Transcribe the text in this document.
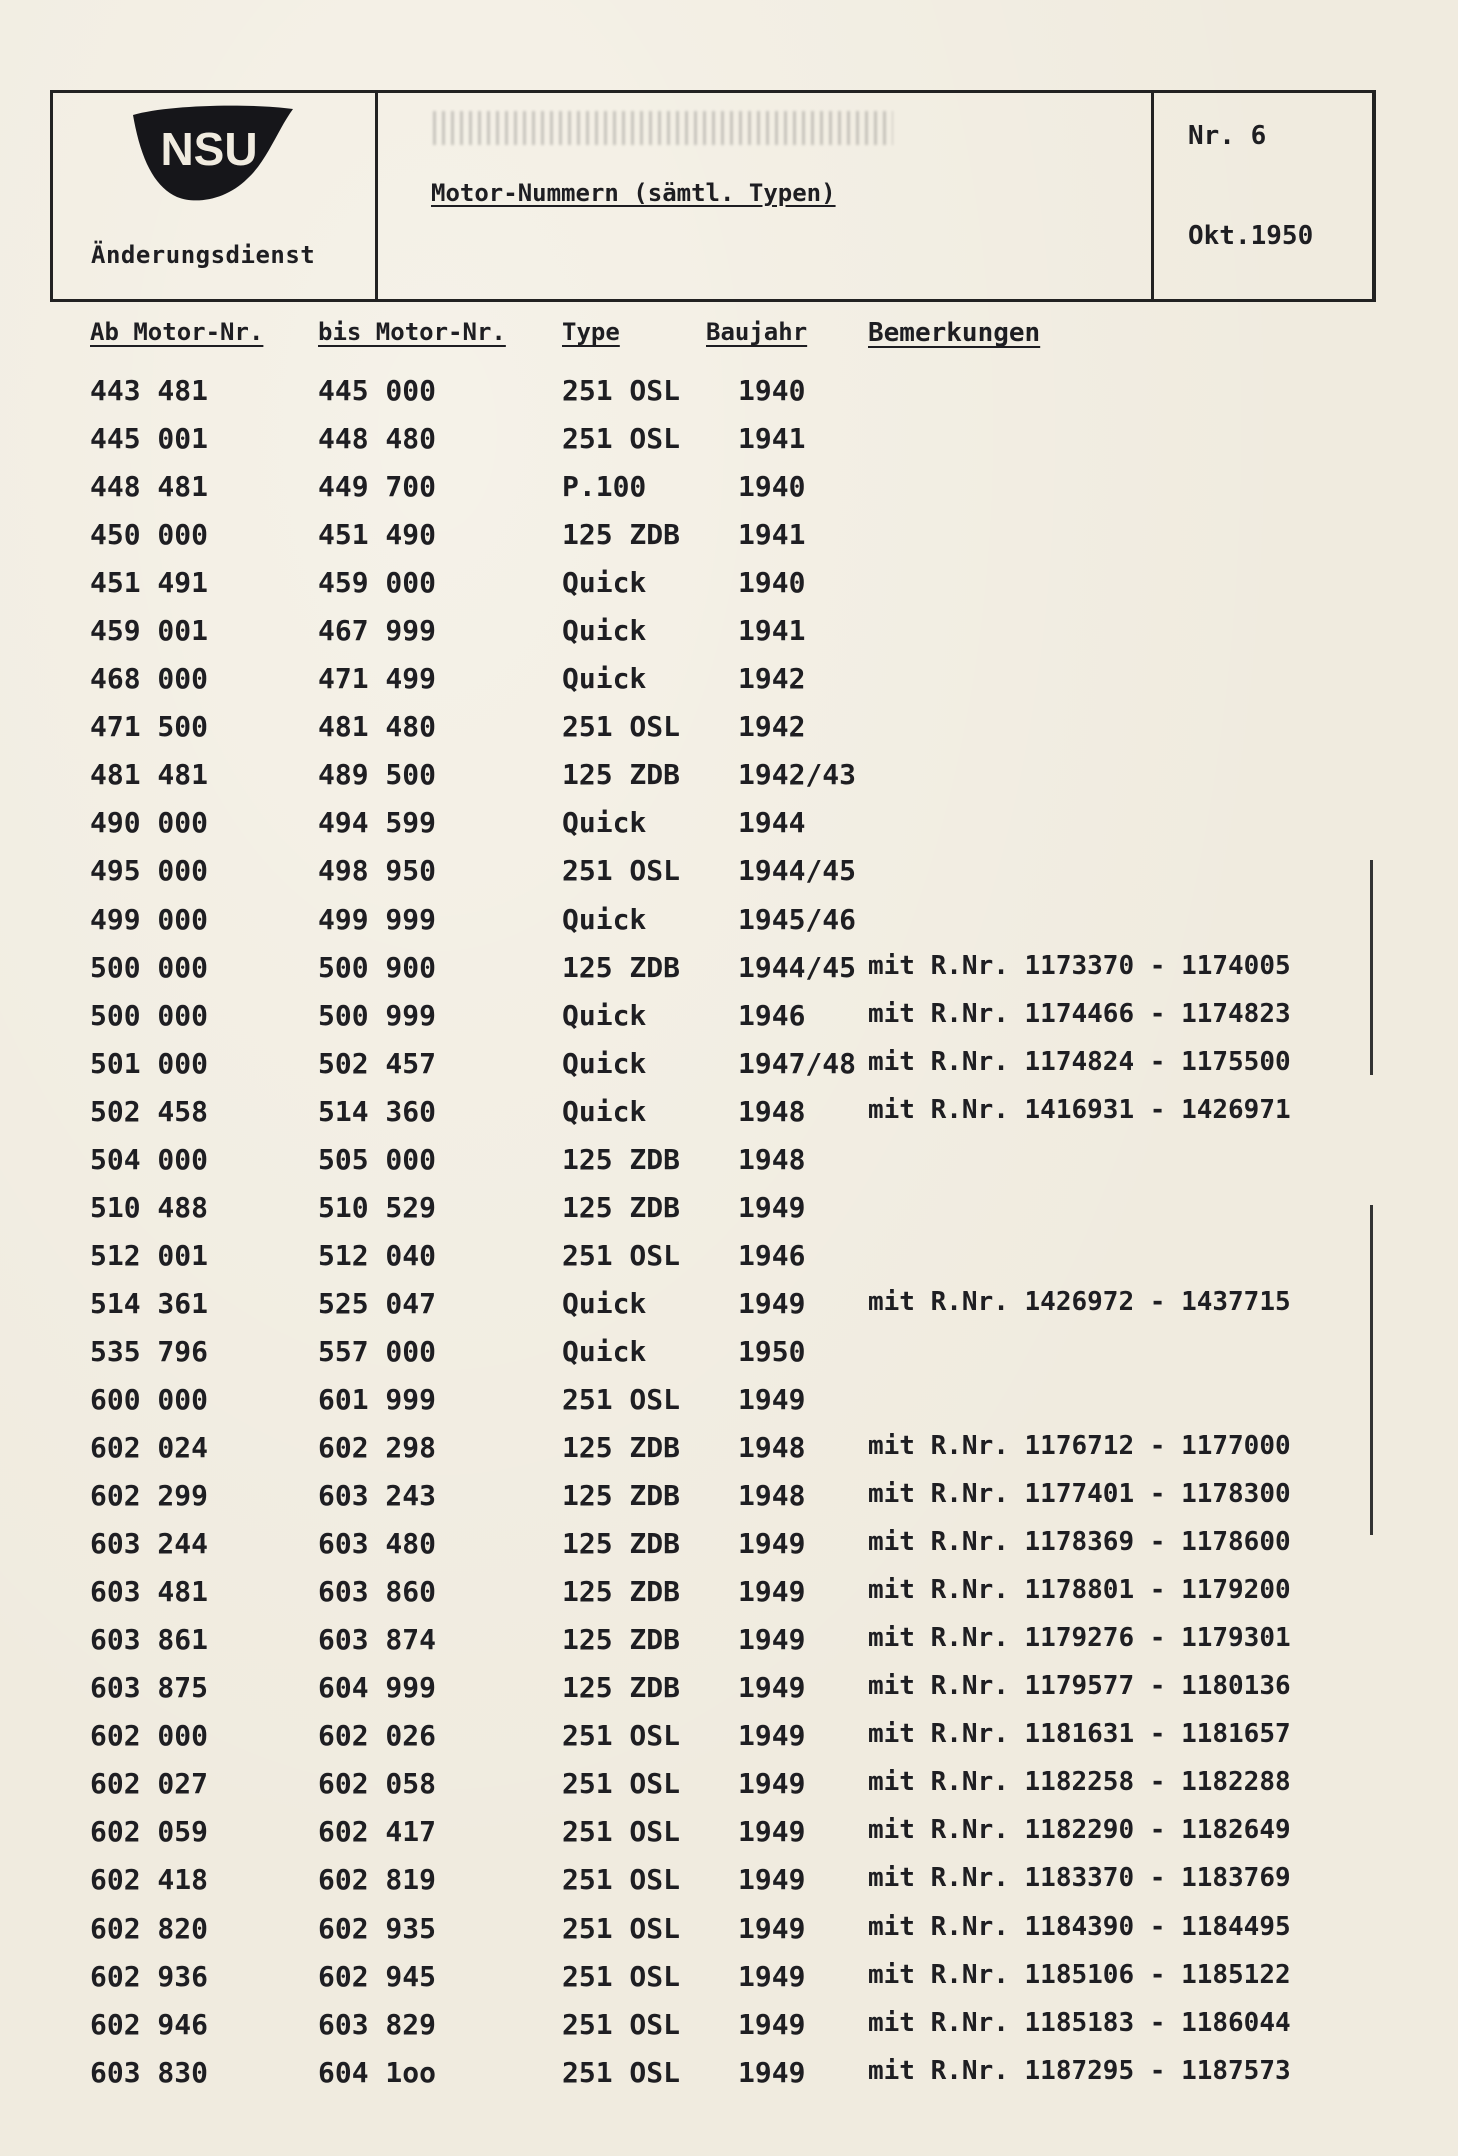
NSU
Änderungsdienst
Motor-Nummern (sämtl. Typen)
Nr. 6
Okt.1950
Ab Motor-Nr. bis Motor-Nr. Type	Baujahr Bemerkungen
443 481	445 000	251 OSL 1940
445 001	448 480	251 OSL 1941
448 481	449 700	P.100	1940
450 000	451 490	125 ZDB 1941
451 491	459 000	Quick	1940
459 001	467 999	Quick	1941
468 000	471 499	Quick	1942
471 500	481 480	251 OSL 1942
481 481	489 500	125 ZDB 1942/43
490 000	494 599	Quick	1944
495 000	498 950	251 OSL 1944/45
499 000	499 999	Quick	1945/46
500 000	500 900	125 ZDB 1944/45 mit R.Nr. 1173370 - 1174005
500 000	500 999	Quick	1946 mit R.Nr. 1174466 - 1174823
501 000	502 457	Quick	1947/48 mit R.Nr. 1174824 - 1175500
502 458	514 360	Quick	1948 mit R.Nr. 1416931 - 1426971
504 000	505 000	125 ZDB 1948
510 488	510 529	125 ZDB 1949
512 001	512 040	251 OSL 1946
514 361	525 047	Quick	1949 mit R.Nr. 1426972 - 1437715
535 796	557 000	Quick	1950
600 000	601 999	251 OSL 1949
602 024	602 298	125 ZDB 1948 mit R.Nr. 1176712 - 1177000
602 299	603 243	125 ZDB 1948 mit R.Nr. 1177401 - 1178300
603 244	603 480	125 ZDB 1949 mit R.Nr. 1178369 - 1178600
603 481	603 860	125 ZDB 1949 mit R.Nr. 1178801 - 1179200
603 861	603 874	125 ZDB 1949 mit R.Nr. 1179276 - 1179301
603 875	604 999	125 ZDB 1949 mit R.Nr. 1179577 - 1180136
602 000	602 026	251 OSL 1949 mit R.Nr. 1181631 - 1181657
602 027	602 058	251 OSL 1949 mit R.Nr. 1182258 - 1182288
602 059	602 417	251 OSL 1949 mit R.Nr. 1182290 - 1182649
602 418	602 819	251 OSL 1949 mit R.Nr. 1183370 - 1183769
602 820	602 935	251 OSL 1949 mit R.Nr. 1184390 - 1184495
602 936	602 945	251 OSL 1949 mit R.Nr. 1185106 - 1185122
602 946	603 829	251 OSL 1949 mit R.Nr. 1185183 - 1186044
603 830	604 1oo	251 OSL 1949 mit R.Nr. 1187295 - 1187573
